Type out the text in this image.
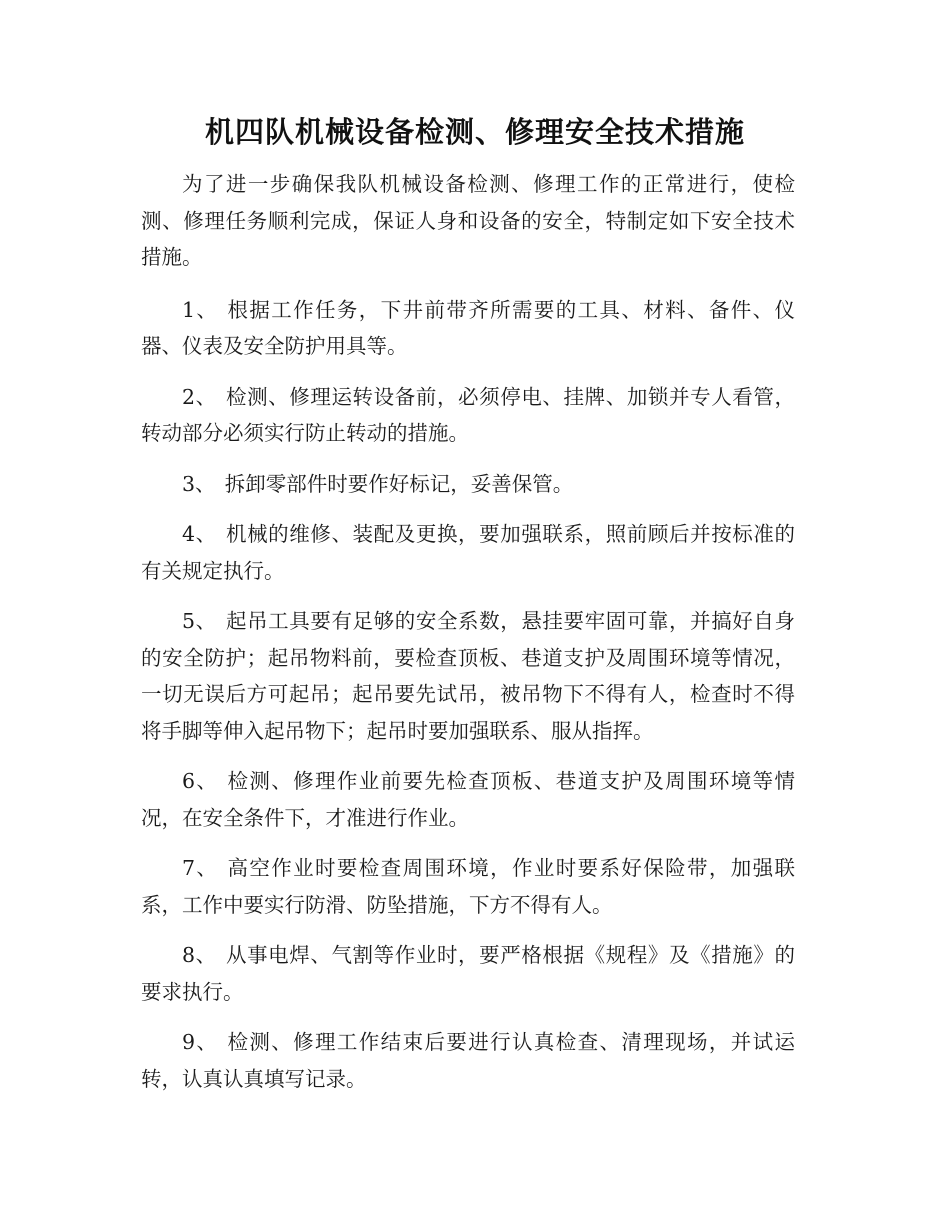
机四队机械设备检测、修理安全技术措施

为了进一步确保我队机械设备检测、修理工作的正常进行，使检测、修理任务顺利完成，保证人身和设备的安全，特制定如下安全技术措施。

1、 根据工作任务，下井前带齐所需要的工具、材料、备件、仪器、仪表及安全防护用具等。

2、 检测、修理运转设备前，必须停电、挂牌、加锁并专人看管，转动部分必须实行防止转动的措施。

3、 拆卸零部件时要作好标记，妥善保管。

4、 机械的维修、装配及更换，要加强联系，照前顾后并按标准的有关规定执行。

5、 起吊工具要有足够的安全系数，悬挂要牢固可靠，并搞好自身的安全防护；起吊物料前，要检查顶板、巷道支护及周围环境等情况，一切无误后方可起吊；起吊要先试吊，被吊物下不得有人，检查时不得将手脚等伸入起吊物下；起吊时要加强联系、服从指挥。

6、 检测、修理作业前要先检查顶板、巷道支护及周围环境等情况，在安全条件下，才准进行作业。

7、 高空作业时要检查周围环境，作业时要系好保险带，加强联系，工作中要实行防滑、防坠措施，下方不得有人。

8、 从事电焊、气割等作业时，要严格根据《规程》及《措施》的要求执行。

9、 检测、修理工作结束后要进行认真检查、清理现场，并试运转，认真认真填写记录。
